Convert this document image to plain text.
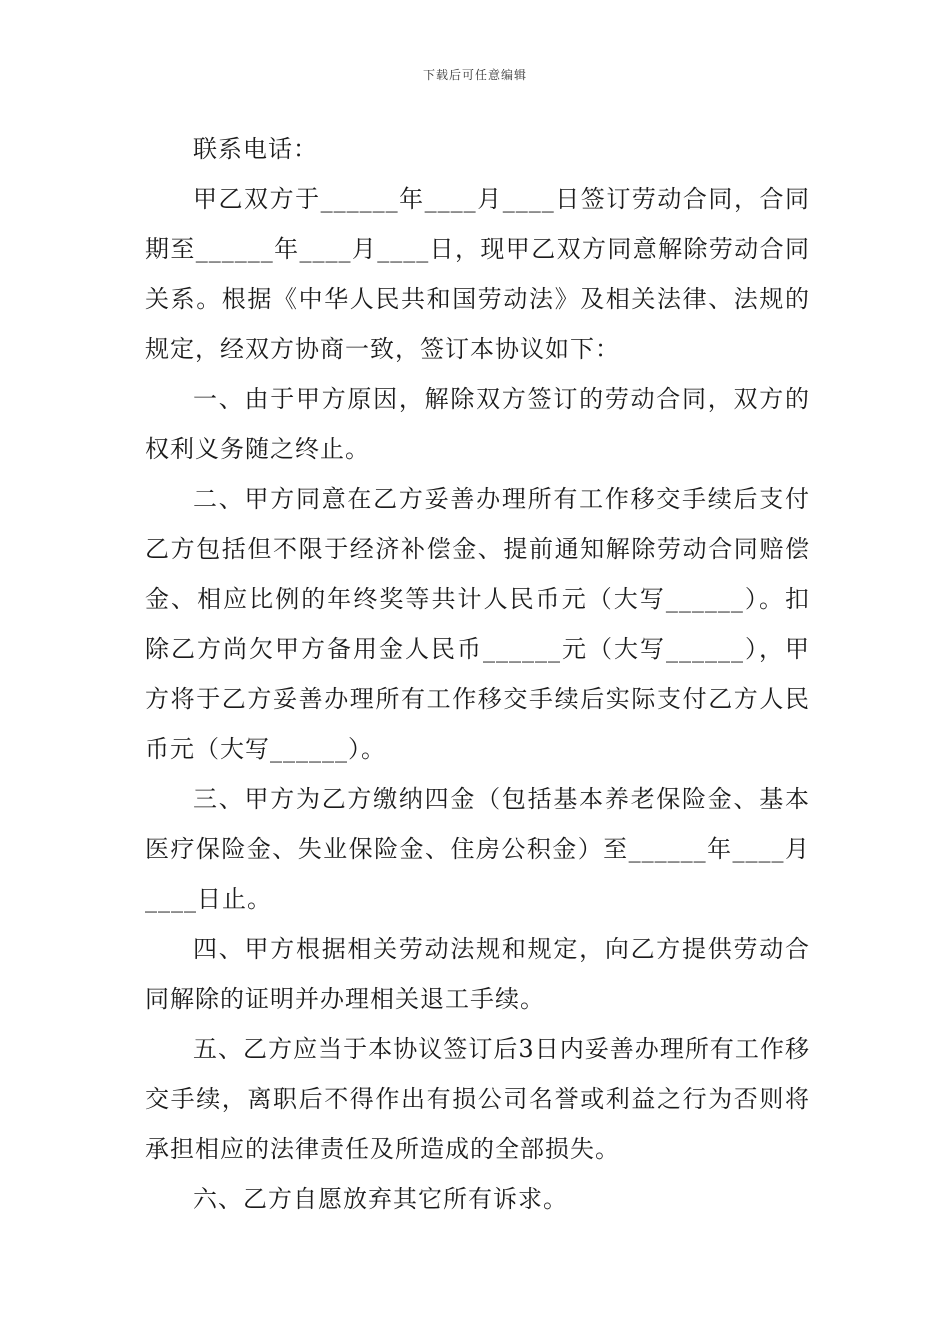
下载后可任意编辑

联系电话：

甲乙双方于______年____月____日签订劳动合同，合同期至______年____月____日，现甲乙双方同意解除劳动合同关系。根据《中华人民共和国劳动法》及相关法律、法规的规定，经双方协商一致，签订本协议如下：

一、由于甲方原因，解除双方签订的劳动合同，双方的权利义务随之终止。

二、甲方同意在乙方妥善办理所有工作移交手续后支付乙方包括但不限于经济补偿金、提前通知解除劳动合同赔偿金、相应比例的年终奖等共计人民币元（大写______）。扣除乙方尚欠甲方备用金人民币______元（大写______），甲方将于乙方妥善办理所有工作移交手续后实际支付乙方人民币元（大写______）。

三、甲方为乙方缴纳四金（包括基本养老保险金、基本医疗保险金、失业保险金、住房公积金）至______年____月____日止。

四、甲方根据相关劳动法规和规定，向乙方提供劳动合同解除的证明并办理相关退工手续。

五、乙方应当于本协议签订后3日内妥善办理所有工作移交手续，离职后不得作出有损公司名誉或利益之行为否则将承担相应的法律责任及所造成的全部损失。

六、乙方自愿放弃其它所有诉求。
